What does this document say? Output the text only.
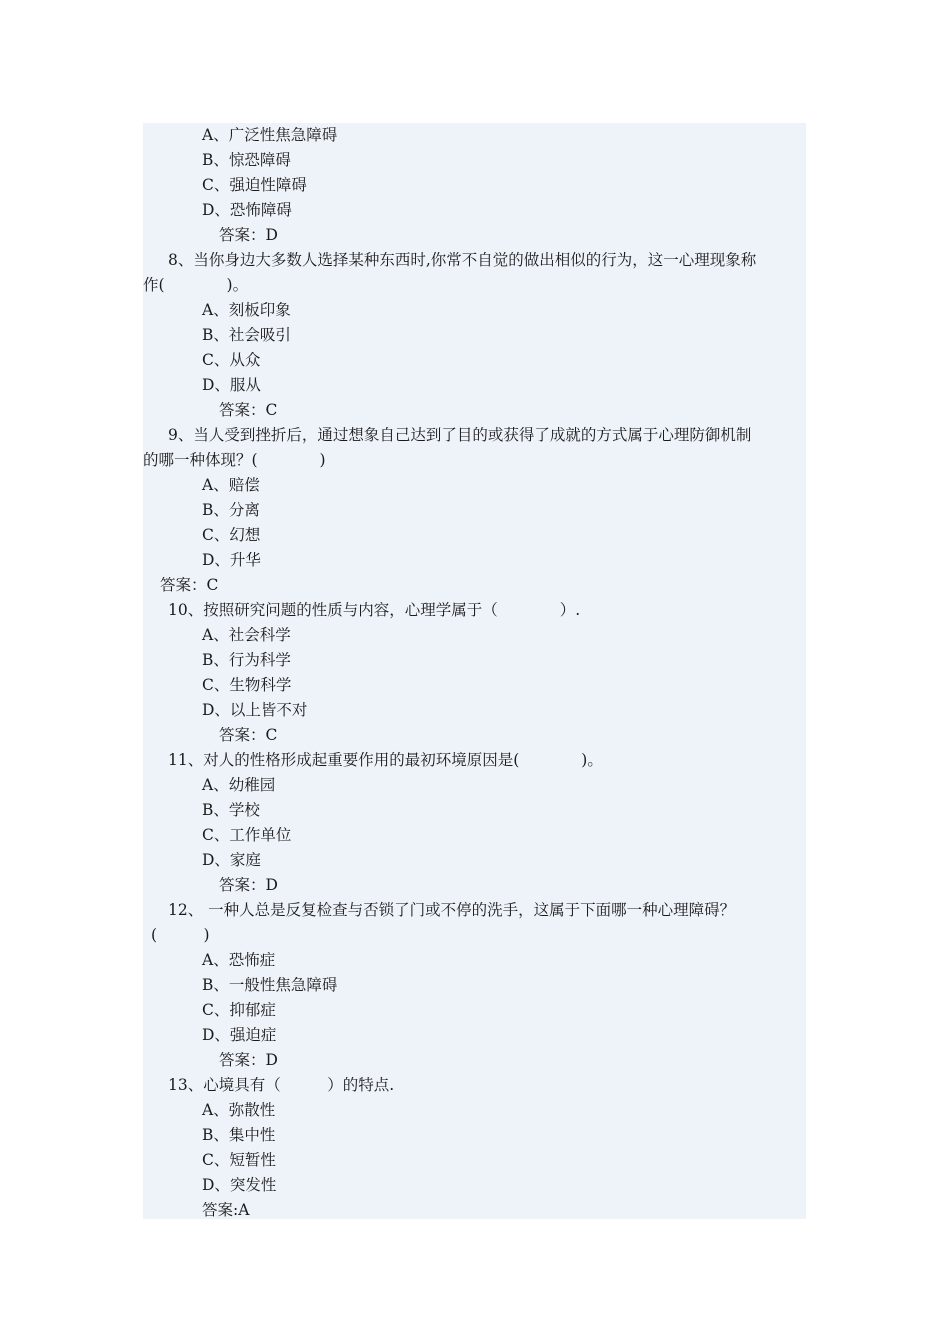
A、广泛性焦急障碍
B、惊恐障碍
C、强迫性障碍
D、恐怖障碍
答案：D
8、当你身边大多数人选择某种东西时,你常不自觉的做出相似的行为，这一心理现象称
作(　　　　)。
A、刻板印象
B、社会吸引
C、从众
D、服从
答案：C
9、当人受到挫折后，通过想象自己达到了目的或获得了成就的方式属于心理防御机制
的哪一种体现？(　　　　)
A、赔偿
B、分离
C、幻想
D、升华
答案：C
10、按照研究问题的性质与内容，心理学属于（　　　　）.
A、社会科学
B、行为科学
C、生物科学
D、以上皆不对
答案：C
11、对人的性格形成起重要作用的最初环境原因是(　　　　)。
A、幼稚园
B、学校
C、工作单位
D、家庭
答案：D
12、 一种人总是反复检查与否锁了门或不停的洗手，这属于下面哪一种心理障碍？
(　　　)
A、恐怖症
B、一般性焦急障碍
C、抑郁症
D、强迫症
答案：D
13、心境具有（　　　）的特点.
A、弥散性
B、集中性
C、短暂性
D、突发性
答案:A
